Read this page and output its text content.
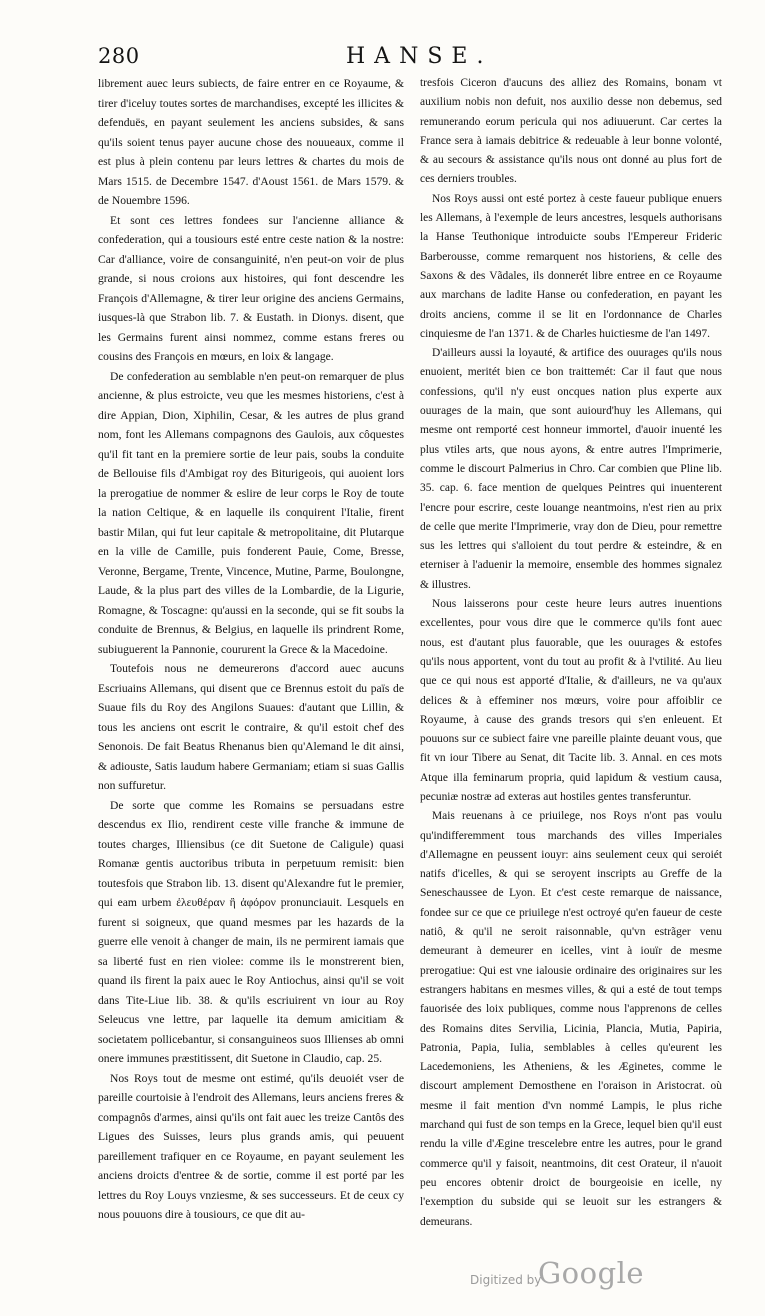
280	HANSE.

librement auec leurs subiects, de faire entrer en ce Royaume, & tirer d'iceluy toutes sortes de marchandises, excepté les illicites & defenduës, en payant seulement les anciens subsides, & sans qu'ils soient tenus payer aucune chose des nouueaux, comme il est plus à plein contenu par leurs lettres & chartes du mois de Mars 1515. de Decembre 1547. d'Aoust 1561. de Mars 1579. & de Nouembre 1596.

Et sont ces lettres fondees sur l'ancienne alliance & confederation, qui a tousiours esté entre ceste nation & la nostre: Car d'alliance, voire de consanguinité, n'en peut-on voir de plus grande, si nous croions aux histoires, qui font descendre les François d'Allemagne, & tirer leur origine des anciens Germains, iusques-là que Strabon lib. 7. & Eustath. in Dionys. disent, que les Germains furent ainsi nommez, comme estans freres ou cousins des François en mœurs, en loix & langage.

De confederation au semblable n'en peut-on remarquer de plus ancienne, & plus estroicte, veu que les mesmes historiens, c'est à dire Appian, Dion, Xiphilin, Cesar, & les autres de plus grand nom, font les Allemans compagnons des Gaulois, aux côquestes qu'il fit tant en la premiere sortie de leur pais, soubs la conduite de Bellouise fils d'Ambigat roy des Biturigeois, qui auoient lors la prerogatiue de nommer & eslire de leur corps le Roy de toute la nation Celtique, & en laquelle ils conquirent l'Italie, firent bastir Milan, qui fut leur capitale & metropolitaine, dit Plutarque en la ville de Camille, puis fonderent Pauie, Come, Bresse, Veronne, Bergame, Trente, Vincence, Mutine, Parme, Boulongne, Laude, & la plus part des villes de la Lombardie, de la Ligurie, Romagne, & Toscagne: qu'aussi en la seconde, qui se fit soubs la conduite de Brennus, & Belgius, en laquelle ils prindrent Rome, subiuguerent la Pannonie, coururent la Grece & la Macedoine.

Toutefois nous ne demeurerons d'accord auec aucuns Escriuains Allemans, qui disent que ce Brennus estoit du païs de Suaue fils du Roy des Angilons Suaues: d'autant que Lillin, & tous les anciens ont escrit le contraire, & qu'il estoit chef des Senonois. De fait Beatus Rhenanus bien qu'Alemand le dit ainsi, & adiouste, Satis laudum habere Germaniam; etiam si suas Gallis non suffuretur.

De sorte que comme les Romains se persuadans estre descendus ex Ilio, rendirent ceste ville franche & immune de toutes charges, Illiensibus (ce dit Suetone de Caligule) quasi Romanæ gentis auctoribus tributa in perpetuum remisit: bien toutesfois que Strabon lib. 13. disent qu'Alexandre fut le premier, qui eam urbem ἐλευθέραν ἢ ἀφόρον pronunciauit. Lesquels en furent si soigneux, que quand mesmes par les hazards de la guerre elle venoit à changer de main, ils ne permirent iamais que sa liberté fust en rien violee: comme ils le monstrerent bien, quand ils firent la paix auec le Roy Antiochus, ainsi qu'il se voit dans Tite-Liue lib. 38. & qu'ils escriuirent vn iour au Roy Seleucus vne lettre, par laquelle ita demum amicitiam & societatem pollicebantur, si consanguineos suos Illienses ab omni onere immunes præstitissent, dit Suetone in Claudio, cap. 25.

Nos Roys tout de mesme ont estimé, qu'ils deuoiét vser de pareille courtoisie à l'endroit des Allemans, leurs anciens freres & compagnôs d'armes, ainsi qu'ils ont fait auec les treize Cantôs des Ligues des Suisses, leurs plus grands amis, qui peuuent pareillement trafiquer en ce Royaume, en payant seulement les anciens droicts d'entree & de sortie, comme il est porté par les lettres du Roy Louys vnziesme, & ses successeurs. Et de ceux cy nous pouuons dire à tousiours, ce que dit au-

tresfois Ciceron d'aucuns des alliez des Romains, bonam vt auxilium nobis non defuit, nos auxilio desse non debemus, sed remunerando eorum pericula qui nos adiuuerunt. Car certes la France sera à iamais debitrice & redeuable à leur bonne volonté, & au secours & assistance qu'ils nous ont donné au plus fort de ces derniers troubles.

Nos Roys aussi ont esté portez à ceste faueur publique enuers les Allemans, à l'exemple de leurs ancestres, lesquels authorisans la Hanse Teuthonique introduicte soubs l'Empereur Frideric Barberousse, comme remarquent nos historiens, & celle des Saxons & des Vãdales, ils donnerét libre entree en ce Royaume aux marchans de ladite Hanse ou confederation, en payant les droits anciens, comme il se lit en l'ordonnance de Charles cinquiesme de l'an 1371. & de Charles huictiesme de l'an 1497.

D'ailleurs aussi la loyauté, & artifice des ouurages qu'ils nous enuoient, meritét bien ce bon traittemét: Car il faut que nous confessions, qu'il n'y eust oncques nation plus experte aux ouurages de la main, que sont auiourd'huy les Allemans, qui mesme ont remporté cest honneur immortel, d'auoir inuenté les plus vtiles arts, que nous ayons, & entre autres l'Imprimerie, comme le discourt Palmerius in Chro. Car combien que Pline lib. 35. cap. 6. face mention de quelques Peintres qui inuenterent l'encre pour escrire, ceste louange neantmoins, n'est rien au prix de celle que merite l'Imprimerie, vray don de Dieu, pour remettre sus les lettres qui s'alloient du tout perdre & esteindre, & en eterniser à l'aduenir la memoire, ensemble des hommes signalez & illustres.

Nous laisserons pour ceste heure leurs autres inuentions excellentes, pour vous dire que le commerce qu'ils font auec nous, est d'autant plus fauorable, que les ouurages & estofes qu'ils nous apportent, vont du tout au profit & à l'vtilité. Au lieu que ce qui nous est apporté d'Italie, & d'ailleurs, ne va qu'aux delices & à effeminer nos mœurs, voire pour affoiblir ce Royaume, à cause des grands tresors qui s'en enleuent. Et pouuons sur ce subiect faire vne pareille plainte deuant vous, que fit vn iour Tibere au Senat, dit Tacite lib. 3. Annal. en ces mots Atque illa feminarum propria, quid lapidum & vestium causa, pecuniæ nostræ ad exteras aut hostiles gentes transferuntur.

Mais reuenans à ce priuilege, nos Roys n'ont pas voulu qu'indifferemment tous marchands des villes Imperiales d'Allemagne en peussent iouyr: ains seulement ceux qui seroiét natifs d'icelles, & qui se seroyent inscripts au Greffe de la Seneschaussee de Lyon. Et c'est ceste remarque de naissance, fondee sur ce que ce priuilege n'est octroyé qu'en faueur de ceste natiô, & qu'il ne seroit raisonnable, qu'vn estrãger venu demeurant à demeurer en icelles, vint à iouïr de mesme prerogatiue: Qui est vne ialousie ordinaire des originaires sur les estrangers habitans en mesmes villes, & qui a esté de tout temps fauorisée des loix publiques, comme nous l'apprenons de celles des Romains dites Servilia, Licinia, Plancia, Mutia, Papiria, Patronia, Papia, Iulia, semblables à celles qu'eurent les Lacedemoniens, les Atheniens, & les Æginetes, comme le discourt amplement Demosthene en l'oraison in Aristocrat. où mesme il fait mention d'vn nommé Lampis, le plus riche marchand qui fust de son temps en la Grece, lequel bien qu'il eust rendu la ville d'Ægine trescelebre entre les autres, pour le grand commerce qu'il y faisoit, neantmoins, dit cest Orateur, il n'auoit peu encores obtenir droict de bourgeoisie en icelle, ny l'exemption du subside qui se leuoit sur les estrangers & demeurans.

Digitized by
Google
